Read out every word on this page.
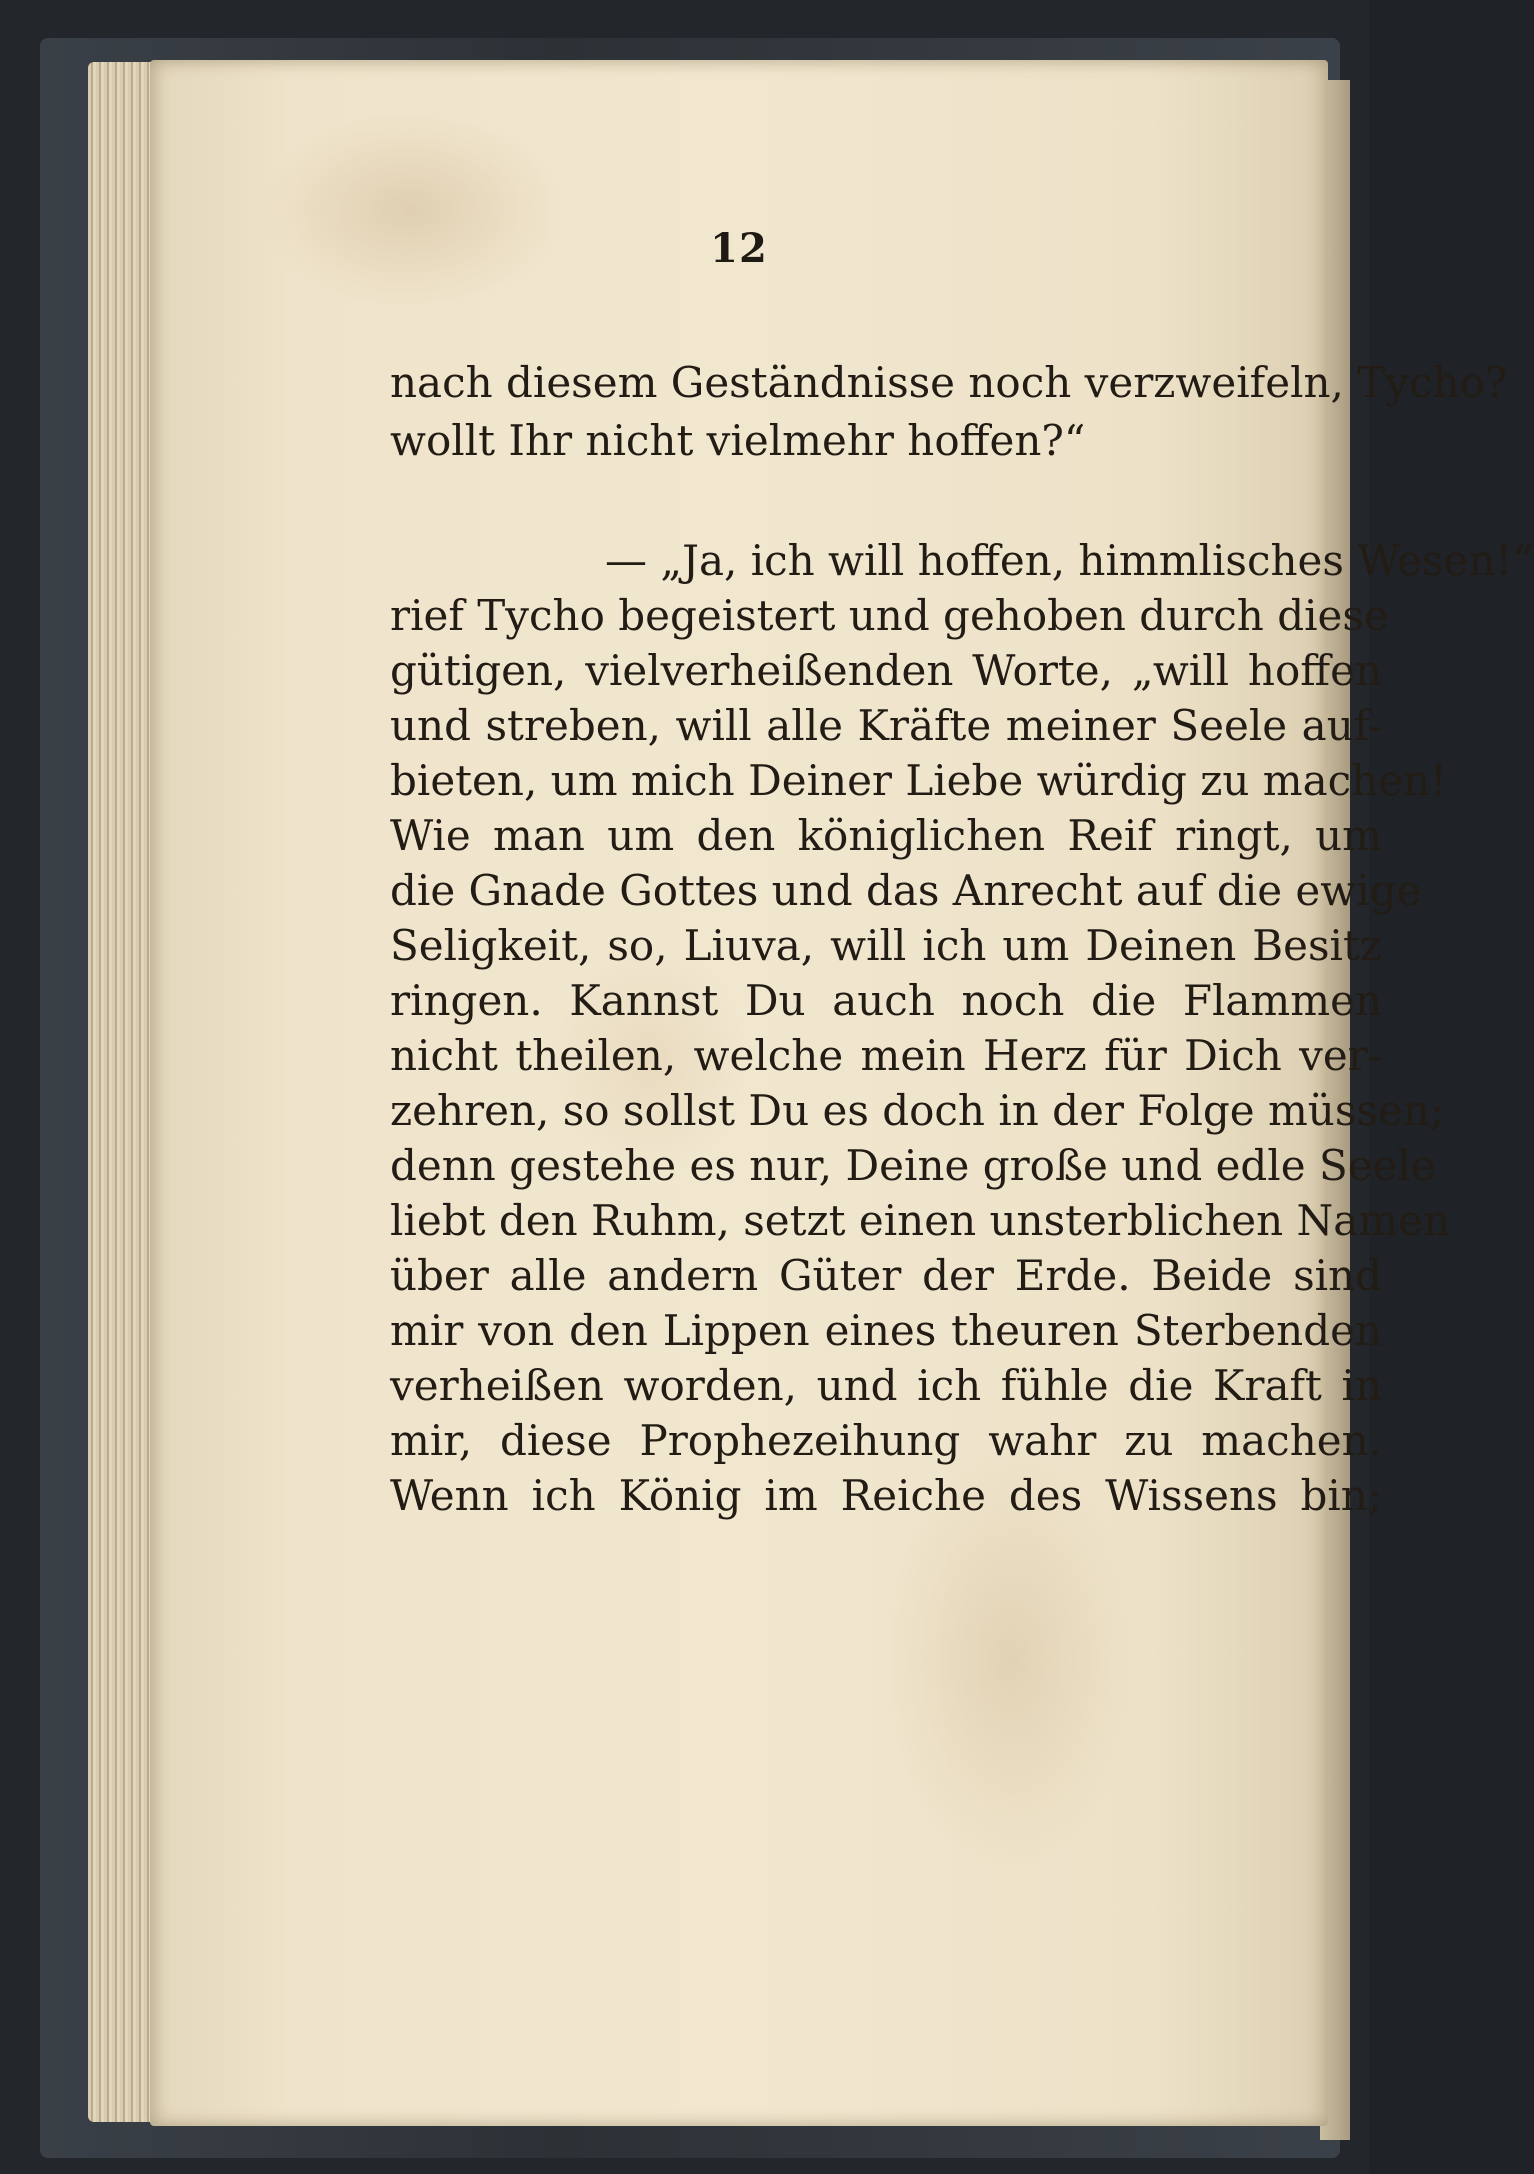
12
nach diesem Geständnisse noch verzweifeln, Tycho?
wollt Ihr nicht vielmehr hoffen?“
— „Ja, ich will hoffen, himmlisches Wesen!“
rief Tycho begeistert und gehoben durch diese
gütigen, vielverheißenden Worte, „will hoffen
und streben, will alle Kräfte meiner Seele auf-
bieten, um mich Deiner Liebe würdig zu machen!
Wie man um den königlichen Reif ringt, um
die Gnade Gottes und das Anrecht auf die ewige
Seligkeit, so, Liuva, will ich um Deinen Besitz
ringen. Kannst Du auch noch die Flammen
nicht theilen, welche mein Herz für Dich ver-
zehren, so sollst Du es doch in der Folge müssen;
denn gestehe es nur, Deine große und edle Seele
liebt den Ruhm, setzt einen unsterblichen Namen
über alle andern Güter der Erde. Beide sind
mir von den Lippen eines theuren Sterbenden
verheißen worden, und ich fühle die Kraft in
mir, diese Prophezeihung wahr zu machen.
Wenn ich König im Reiche des Wissens bin;
